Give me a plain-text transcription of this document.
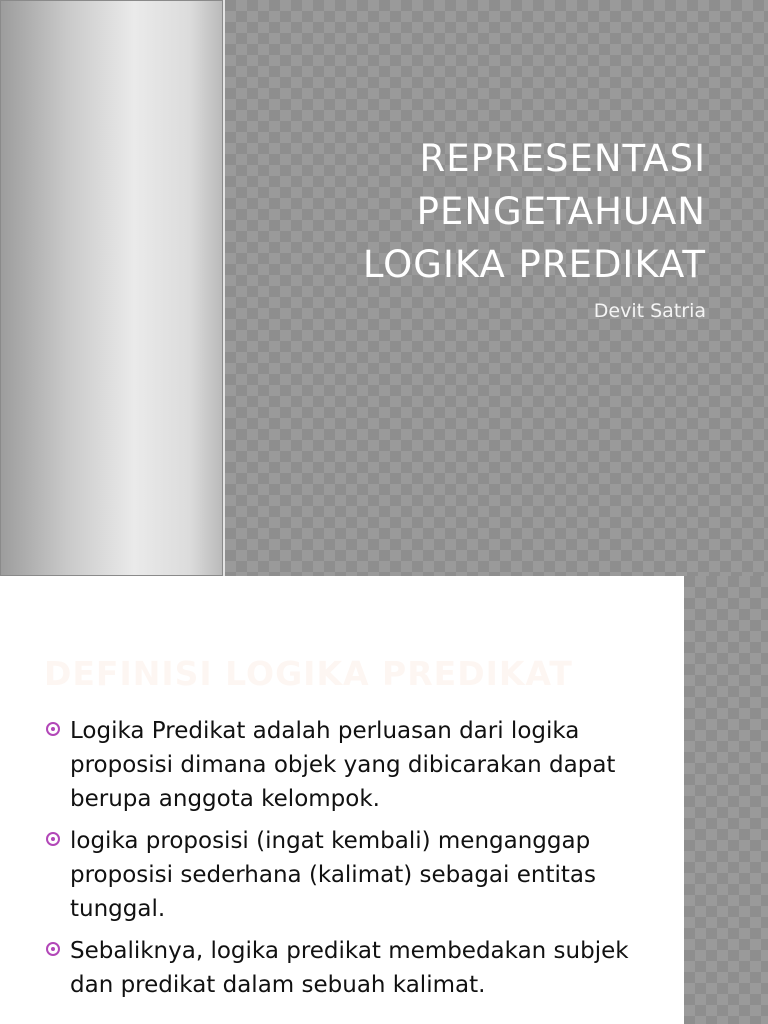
REPRESENTASI
PENGETAHUAN
LOGIKA PREDIKAT

Devit Satria

DEFINISI LOGIKA PREDIKAT
Logika Predikat adalah perluasan dari logika proposisi dimana objek yang dibicarakan dapat berupa anggota kelompok.
logika proposisi (ingat kembali) menganggap proposisi sederhana (kalimat) sebagai entitas tunggal.
Sebaliknya, logika predikat membedakan subjek dan predikat dalam sebuah kalimat.
